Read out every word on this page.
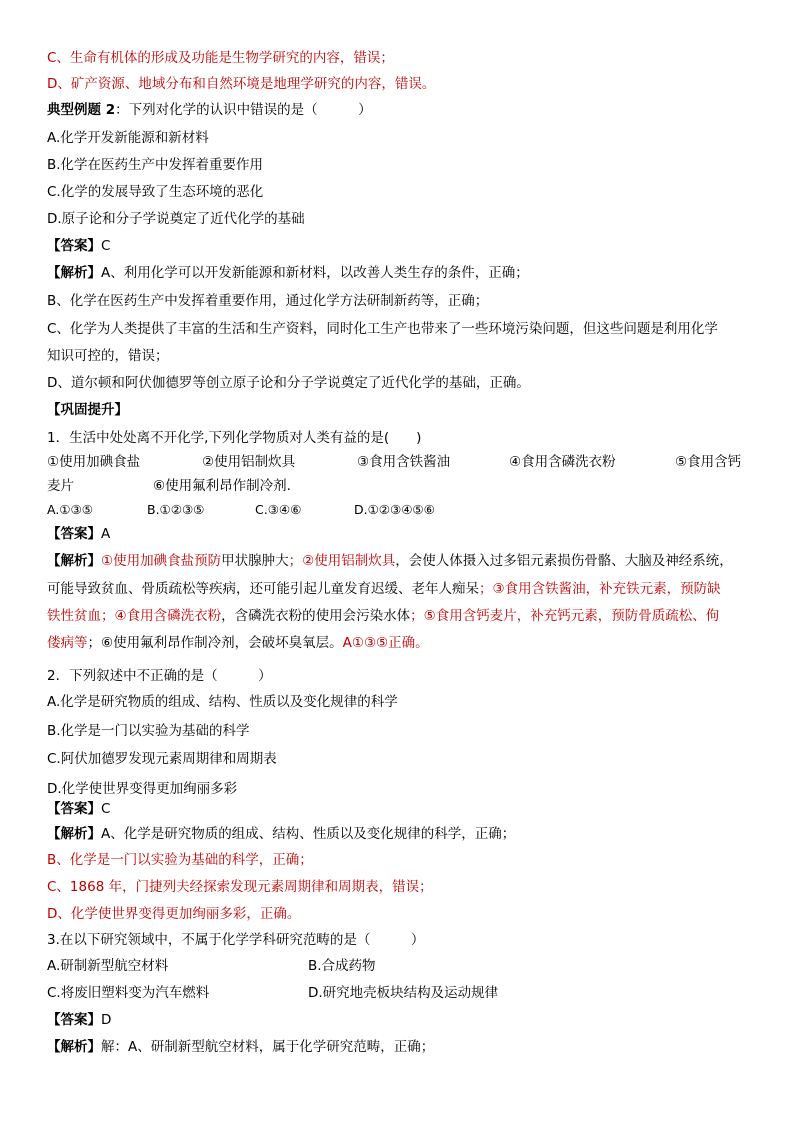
C、生命有机体的形成及功能是生物学研究的内容，错误；
D、矿产资源、地域分布和自然环境是地理学研究的内容，错误。
典型例题 2：下列对化学的认识中错误的是（　　　）
A.化学开发新能源和新材料
B.化学在医药生产中发挥着重要作用
C.化学的发展导致了生态环境的恶化
D.原子论和分子学说奠定了近代化学的基础
【答案】C
【解析】A、利用化学可以开发新能源和新材料，以改善人类生存的条件，正确；
B、化学在医药生产中发挥着重要作用，通过化学方法研制新药等，正确；
C、化学为人类提供了丰富的生活和生产资料，同时化工生产也带来了一些环境污染问题，但这些问题是利用化学
知识可控的，错误；
D、道尔顿和阿伏伽德罗等创立原子论和分子学说奠定了近代化学的基础，正确。
【巩固提升】
1．生活中处处离不开化学,下列化学物质对人类有益的是(　　)
①使用加碘食盐	②使用铝制炊具	③食用含铁酱油	④食用含磷洗衣粉	⑤食用含钙
麦片	⑥使用氟利昂作制冷剂.
A.①③⑤	B.①②③⑤	C.③④⑥	D.①②③④⑤⑥
【答案】A
【解析】①使用加碘食盐预防甲状腺肿大；②使用铝制炊具，会使人体摄入过多铝元素损伤骨骼、大脑及神经系统，
可能导致贫血、骨质疏松等疾病，还可能引起儿童发育迟缓、老年人痴呆；③食用含铁酱油，补充铁元素，预防缺
铁性贫血；④食用含磷洗衣粉，含磷洗衣粉的使用会污染水体；⑤食用含钙麦片，补充钙元素，预防骨质疏松、佝
偻病等；⑥使用氟利昂作制冷剂，会破坏臭氧层。A①③⑤正确。
2．下列叙述中不正确的是（　　　）
A.化学是研究物质的组成、结构、性质以及变化规律的科学
B.化学是一门以实验为基础的科学
C.阿伏加德罗发现元素周期律和周期表
D.化学使世界变得更加绚丽多彩
【答案】C
【解析】A、化学是研究物质的组成、结构、性质以及变化规律的科学，正确；
B、化学是一门以实验为基础的科学，正确；
C、1868 年，门捷列夫经探索发现元素周期律和周期表，错误；
D、化学使世界变得更加绚丽多彩，正确。
3.在以下研究领域中，不属于化学学科研究范畴的是（　　　）
A.研制新型航空材料	B.合成药物
C.将废旧塑料变为汽车燃料	D.研究地壳板块结构及运动规律
【答案】D
【解析】解：A、研制新型航空材料，属于化学研究范畴，正确；
